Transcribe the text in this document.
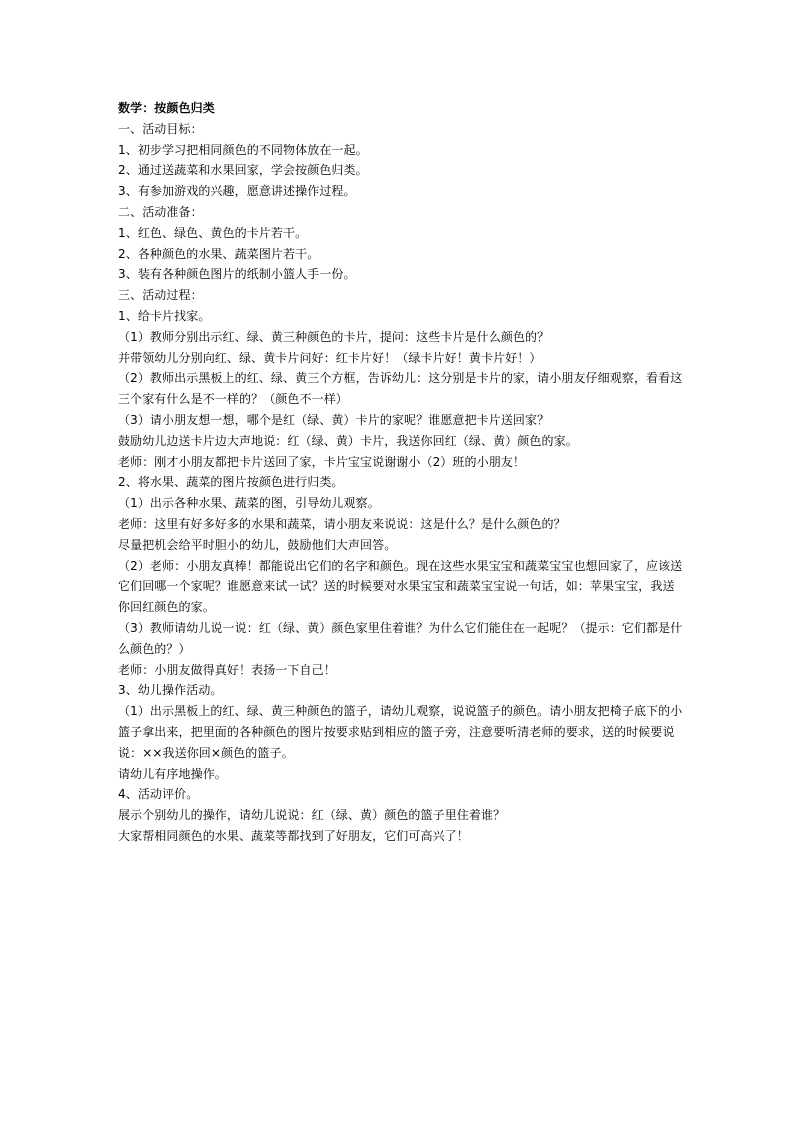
数学：按颜色归类
一、活动目标：
1、初步学习把相同颜色的不同物体放在一起。
2、通过送蔬菜和水果回家，学会按颜色归类。
3、有参加游戏的兴趣，愿意讲述操作过程。
二、活动准备：
1、红色、绿色、黄色的卡片若干。
2、各种颜色的水果、蔬菜图片若干。
3、装有各种颜色图片的纸制小篮人手一份。
三、活动过程：
1、给卡片找家。
（1）教师分别出示红、绿、黄三种颜色的卡片，提问：这些卡片是什么颜色的？
并带领幼儿分别向红、绿、黄卡片问好：红卡片好！（绿卡片好！黄卡片好！）
（2）教师出示黑板上的红、绿、黄三个方框，告诉幼儿：这分别是卡片的家，请小朋友仔细观察，看看这
三个家有什么是不一样的？（颜色不一样）
（3）请小朋友想一想，哪个是红（绿、黄）卡片的家呢？谁愿意把卡片送回家？
鼓励幼儿边送卡片边大声地说：红（绿、黄）卡片，我送你回红（绿、黄）颜色的家。
老师：刚才小朋友都把卡片送回了家，卡片宝宝说谢谢小（2）班的小朋友！
2、将水果、蔬菜的图片按颜色进行归类。
（1）出示各种水果、蔬菜的图，引导幼儿观察。
老师：这里有好多好多的水果和蔬菜，请小朋友来说说：这是什么？是什么颜色的？
尽量把机会给平时胆小的幼儿，鼓励他们大声回答。
（2）老师：小朋友真棒！都能说出它们的名字和颜色。现在这些水果宝宝和蔬菜宝宝也想回家了，应该送
它们回哪一个家呢？谁愿意来试一试？送的时候要对水果宝宝和蔬菜宝宝说一句话，如：苹果宝宝，我送
你回红颜色的家。
（3）教师请幼儿说一说：红（绿、黄）颜色家里住着谁？为什么它们能住在一起呢？（提示：它们都是什
么颜色的？）
老师：小朋友做得真好！表扬一下自己！
3、幼儿操作活动。
（1）出示黑板上的红、绿、黄三种颜色的篮子，请幼儿观察，说说篮子的颜色。请小朋友把椅子底下的小
篮子拿出来，把里面的各种颜色的图片按要求贴到相应的篮子旁，注意要听清老师的要求，送的时候要说
说：××我送你回×颜色的篮子。
请幼儿有序地操作。
4、活动评价。
展示个别幼儿的操作，请幼儿说说：红（绿、黄）颜色的篮子里住着谁？
大家帮相同颜色的水果、蔬菜等都找到了好朋友，它们可高兴了！
